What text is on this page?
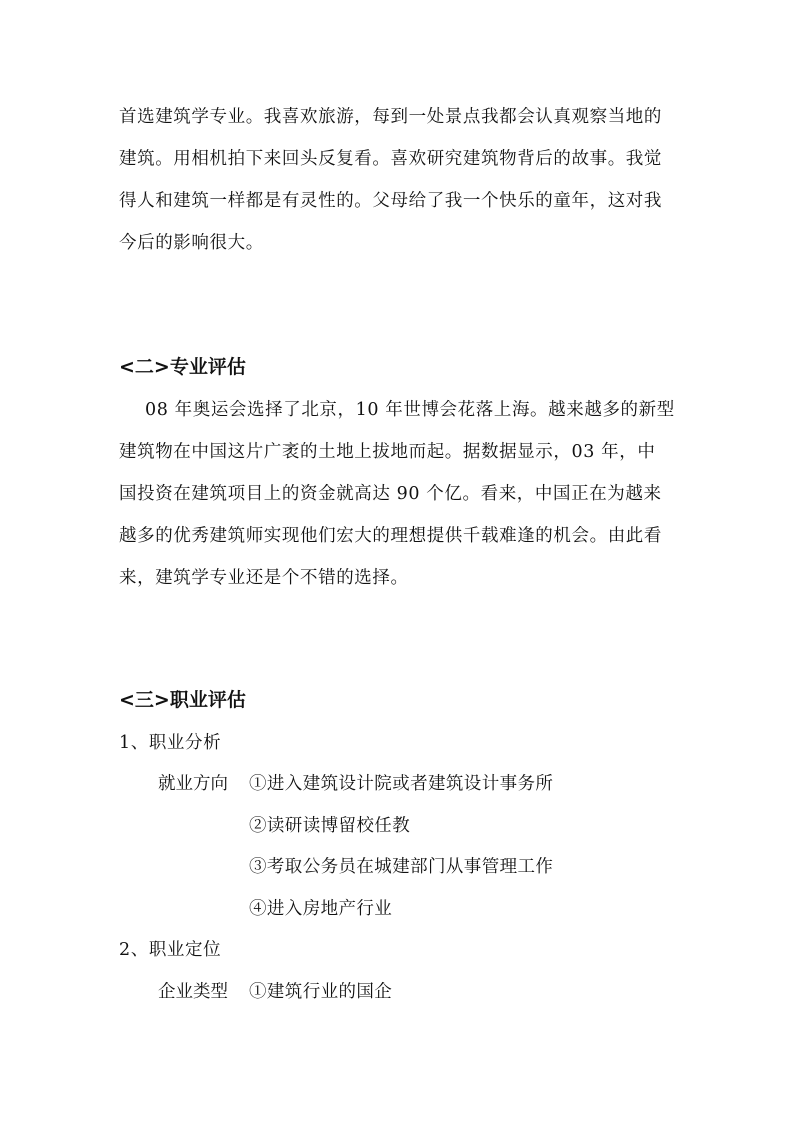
首选建筑学专业。我喜欢旅游，每到一处景点我都会认真观察当地的
建筑。用相机拍下来回头反复看。喜欢研究建筑物背后的故事。我觉
得人和建筑一样都是有灵性的。父母给了我一个快乐的童年，这对我
今后的影响很大。
<二>专业评估
08 年奥运会选择了北京，10 年世博会花落上海。越来越多的新型
建筑物在中国这片广袤的土地上拔地而起。据数据显示，03 年，中
国投资在建筑项目上的资金就高达 90 个亿。看来，中国正在为越来
越多的优秀建筑师实现他们宏大的理想提供千载难逢的机会。由此看
来，建筑学专业还是个不错的选择。
<三>职业评估
1、职业分析
就业方向 ①进入建筑设计院或者建筑设计事务所
②读研读博留校任教
③考取公务员在城建部门从事管理工作
④进入房地产行业
2、职业定位
企业类型 ①建筑行业的国企
